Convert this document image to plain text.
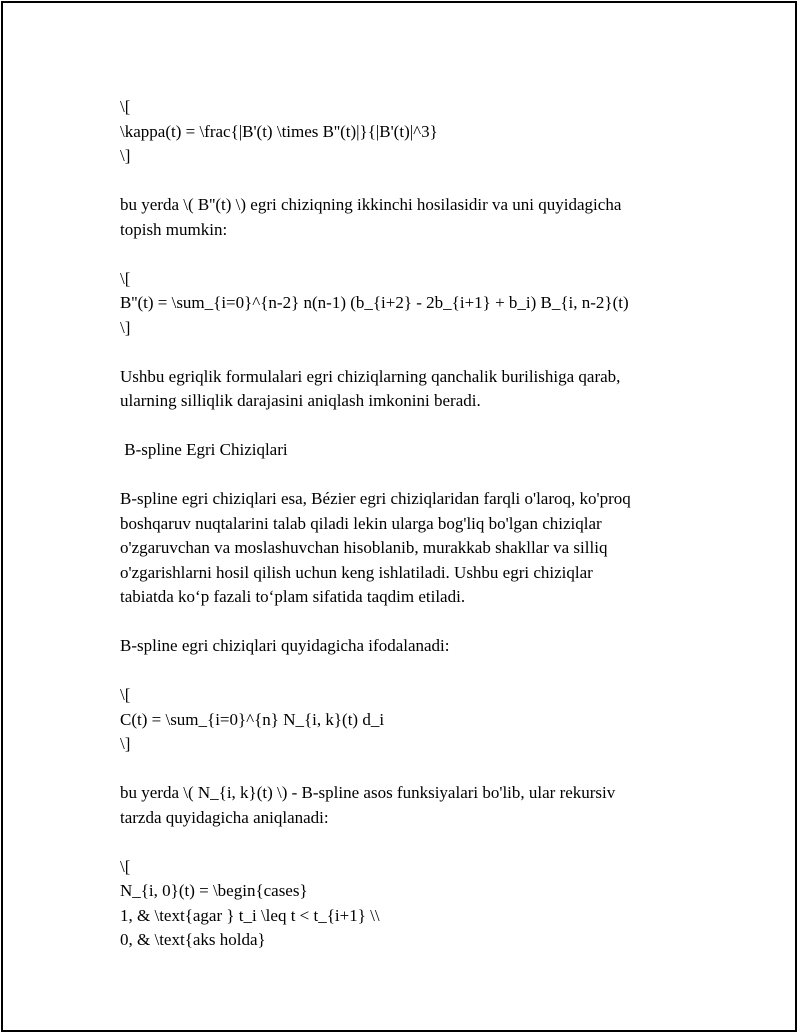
\[
\kappa(t) = \frac{|B'(t) \times B''(t)|}{|B'(t)|^3}
\]
bu yerda \( B''(t) \) egri chiziqning ikkinchi hosilasidir va uni quyidagicha
topish mumkin:
\[
B''(t) = \sum_{i=0}^{n-2} n(n-1) (b_{i+2} - 2b_{i+1} + b_i) B_{i, n-2}(t)
\]
Ushbu egriqlik formulalari egri chiziqlarning qanchalik burilishiga qarab,
ularning silliqlik darajasini aniqlash imkonini beradi.
B-spline Egri Chiziqlari
B-spline egri chiziqlari esa, Bézier egri chiziqlaridan farqli o'laroq, ko'proq
boshqaruv nuqtalarini talab qiladi lekin ularga bog'liq bo'lgan chiziqlar
o'zgaruvchan va moslashuvchan hisoblanib, murakkab shakllar va silliq
o'zgarishlarni hosil qilish uchun keng ishlatiladi. Ushbu egri chiziqlar
tabiatda ko‘p fazali to‘plam sifatida taqdim etiladi.
B-spline egri chiziqlari quyidagicha ifodalanadi:
\[
C(t) = \sum_{i=0}^{n} N_{i, k}(t) d_i
\]
bu yerda \( N_{i, k}(t) \) - B-spline asos funksiyalari bo'lib, ular rekursiv
tarzda quyidagicha aniqlanadi:
\[
N_{i, 0}(t) = \begin{cases}
1, & \text{agar } t_i \leq t < t_{i+1} \\
0, & \text{aks holda}
